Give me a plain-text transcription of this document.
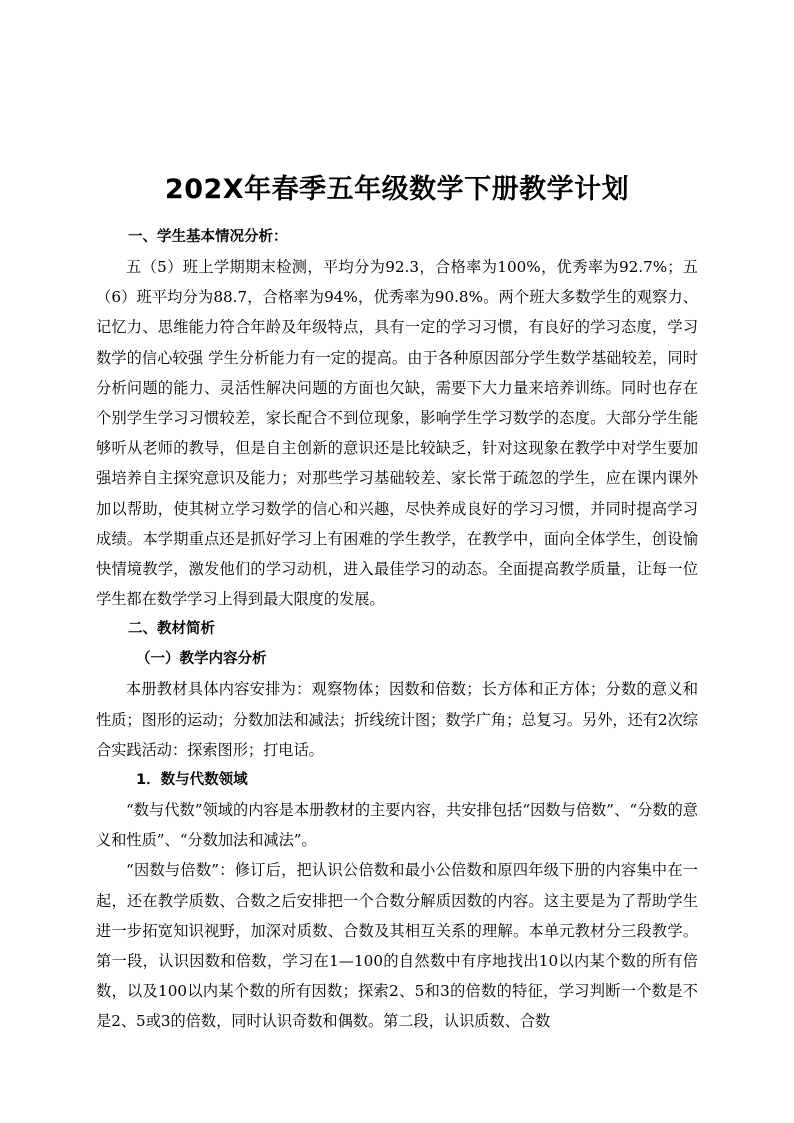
202X年春季五年级数学下册教学计划

一、学生基本情况分析：

五（5）班上学期期末检测，平均分为92.3，合格率为100%，优秀率为92.7%；五（6）班平均分为88.7，合格率为94%，优秀率为90.8%。两个班大多数学生的观察力、记忆力、思维能力符合年龄及年级特点，具有一定的学习习惯，有良好的学习态度，学习数学的信心较强 学生分析能力有一定的提高。由于各种原因部分学生数学基础较差，同时分析问题的能力、灵活性解决问题的方面也欠缺，需要下大力量来培养训练。同时也存在个别学生学习习惯较差，家长配合不到位现象，影响学生学习数学的态度。大部分学生能够听从老师的教导，但是自主创新的意识还是比较缺乏，针对这现象在教学中对学生要加强培养自主探究意识及能力；对那些学习基础较差、家长常于疏忽的学生，应在课内课外加以帮助，使其树立学习数学的信心和兴趣，尽快养成良好的学习习惯，并同时提高学习成绩。本学期重点还是抓好学习上有困难的学生教学，在教学中，面向全体学生，创设愉快情境教学，激发他们的学习动机，进入最佳学习的动态。全面提高教学质量，让每一位学生都在数学学习上得到最大限度的发展。

二、教材简析

（一）教学内容分析

本册教材具体内容安排为：观察物体；因数和倍数；长方体和正方体；分数的意义和性质；图形的运动；分数加法和减法；折线统计图；数学广角；总复习。另外，还有2次综合实践活动：探索图形；打电话。

1．数与代数领域

“数与代数”领域的内容是本册教材的主要内容，共安排包括“因数与倍数”、“分数的意义和性质”、“分数加法和减法”。

“因数与倍数”：修订后，把认识公倍数和最小公倍数和原四年级下册的内容集中在一起，还在教学质数、合数之后安排把一个合数分解质因数的内容。这主要是为了帮助学生进一步拓宽知识视野，加深对质数、合数及其相互关系的理解。本单元教材分三段教学。第一段，认识因数和倍数，学习在1—100的自然数中有序地找出10以内某个数的所有倍数，以及100以内某个数的所有因数；探索2、5和3的倍数的特征，学习判断一个数是不是2、5或3的倍数，同时认识奇数和偶数。第二段，认识质数、合数
